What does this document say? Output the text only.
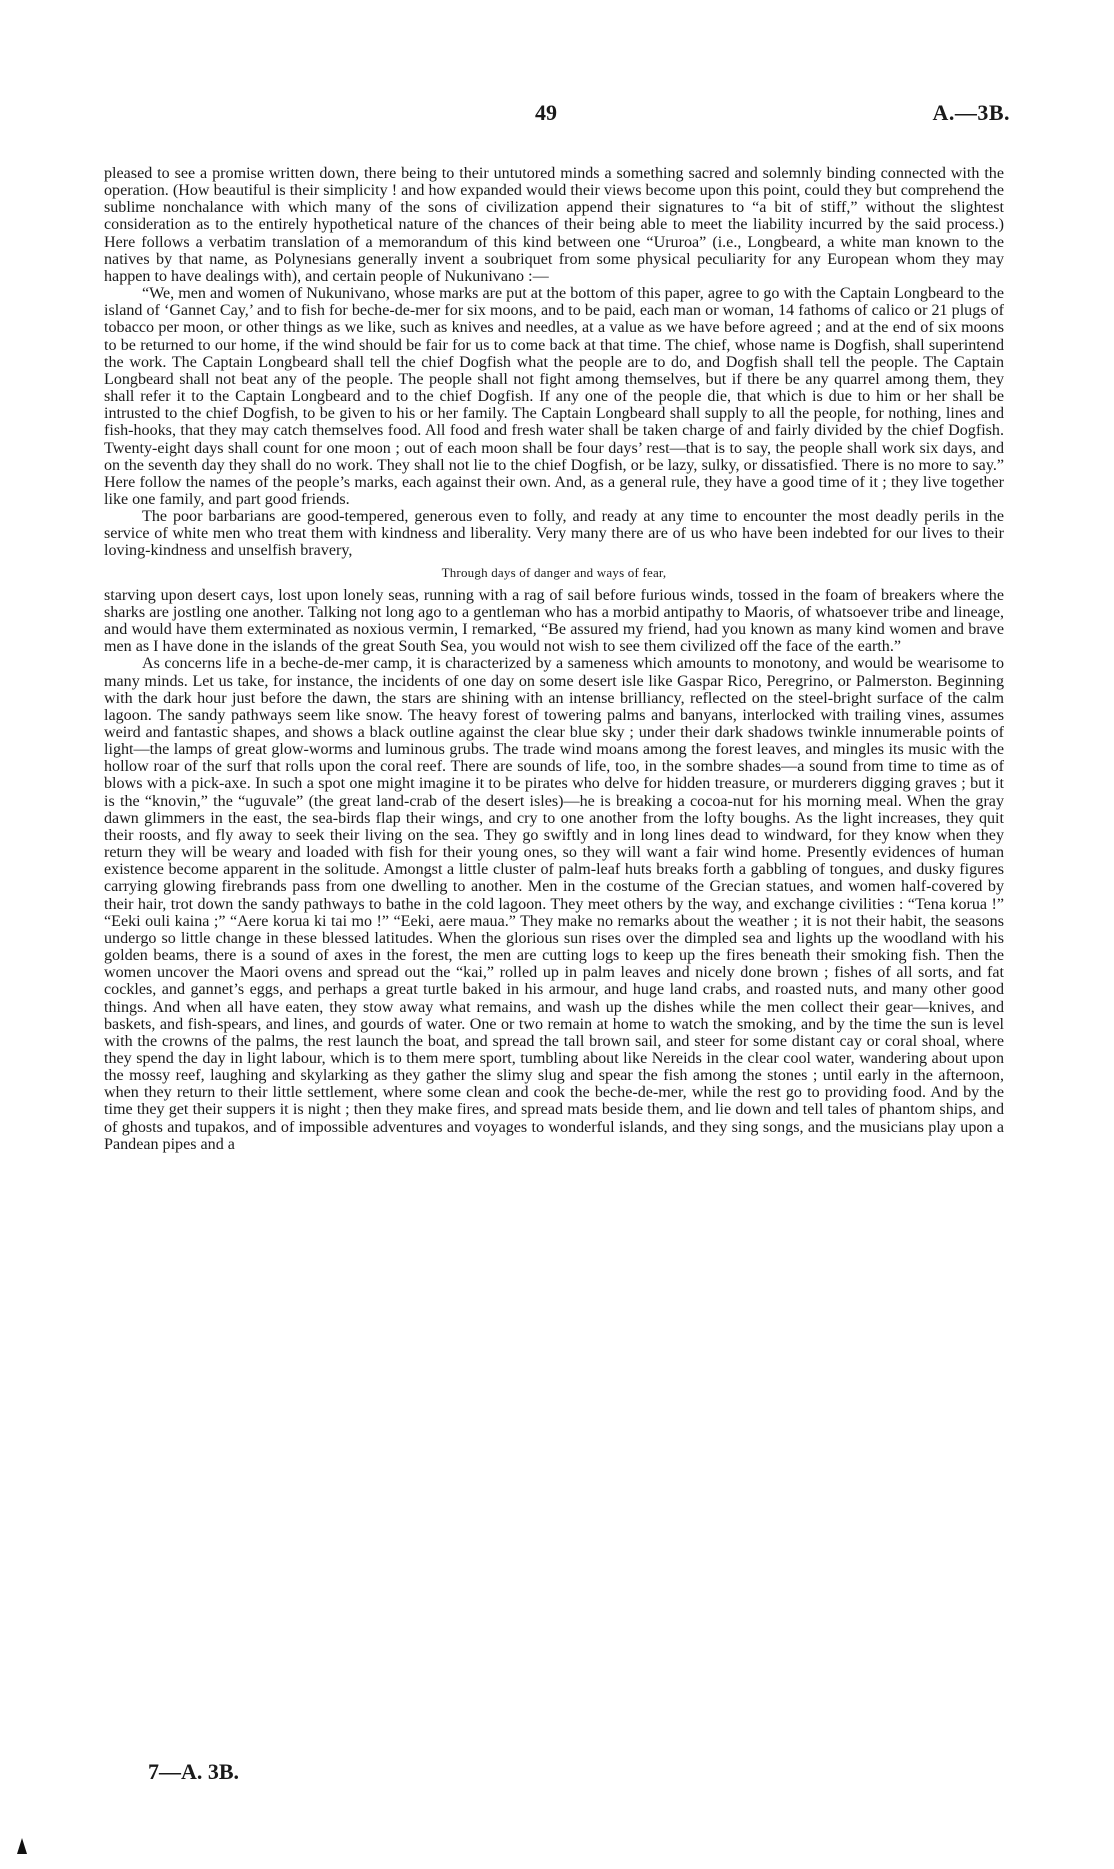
49	A.—3B.

pleased to see a promise written down, there being to their untutored minds a something sacred and solemnly binding connected with the operation. (How beautiful is their simplicity ! and how expanded would their views become upon this point, could they but comprehend the sublime nonchalance with which many of the sons of civilization append their signatures to “a bit of stiff,” without the slightest consideration as to the entirely hypothetical nature of the chances of their being able to meet the liability incurred by the said process.) Here follows a verbatim translation of a memorandum of this kind between one “Ururoa” (i.e., Longbeard, a white man known to the natives by that name, as Polynesians generally invent a soubriquet from some physical peculiarity for any European whom they may happen to have dealings with), and certain people of Nukunivano :—

“We, men and women of Nukunivano, whose marks are put at the bottom of this paper, agree to go with the Captain Longbeard to the island of ‘Gannet Cay,’ and to fish for beche-de-mer for six moons, and to be paid, each man or woman, 14 fathoms of calico or 21 plugs of tobacco per moon, or other things as we like, such as knives and needles, at a value as we have before agreed ; and at the end of six moons to be returned to our home, if the wind should be fair for us to come back at that time. The chief, whose name is Dogfish, shall superintend the work. The Captain Longbeard shall tell the chief Dogfish what the people are to do, and Dogfish shall tell the people. The Captain Longbeard shall not beat any of the people. The people shall not fight among themselves, but if there be any quarrel among them, they shall refer it to the Captain Longbeard and to the chief Dogfish. If any one of the people die, that which is due to him or her shall be intrusted to the chief Dogfish, to be given to his or her family. The Captain Longbeard shall supply to all the people, for nothing, lines and fish-hooks, that they may catch themselves food. All food and fresh water shall be taken charge of and fairly divided by the chief Dogfish. Twenty-eight days shall count for one moon ; out of each moon shall be four days’ rest—that is to say, the people shall work six days, and on the seventh day they shall do no work. They shall not lie to the chief Dogfish, or be lazy, sulky, or dissatisfied. There is no more to say.” Here follow the names of the people’s marks, each against their own. And, as a general rule, they have a good time of it ; they live together like one family, and part good friends.

The poor barbarians are good-tempered, generous even to folly, and ready at any time to encounter the most deadly perils in the service of white men who treat them with kindness and liberality. Very many there are of us who have been indebted for our lives to their loving-kindness and unselfish bravery,

Through days of danger and ways of fear,

starving upon desert cays, lost upon lonely seas, running with a rag of sail before furious winds, tossed in the foam of breakers where the sharks are jostling one another. Talking not long ago to a gentleman who has a morbid antipathy to Maoris, of whatsoever tribe and lineage, and would have them exterminated as noxious vermin, I remarked, “Be assured my friend, had you known as many kind women and brave men as I have done in the islands of the great South Sea, you would not wish to see them civilized off the face of the earth.”

As concerns life in a beche-de-mer camp, it is characterized by a sameness which amounts to monotony, and would be wearisome to many minds. Let us take, for instance, the incidents of one day on some desert isle like Gaspar Rico, Peregrino, or Palmerston. Beginning with the dark hour just before the dawn, the stars are shining with an intense brilliancy, reflected on the steel-bright surface of the calm lagoon. The sandy pathways seem like snow. The heavy forest of towering palms and banyans, interlocked with trailing vines, assumes weird and fantastic shapes, and shows a black outline against the clear blue sky ; under their dark shadows twinkle innumerable points of light—the lamps of great glow-worms and luminous grubs. The trade wind moans among the forest leaves, and mingles its music with the hollow roar of the surf that rolls upon the coral reef. There are sounds of life, too, in the sombre shades—a sound from time to time as of blows with a pick-axe. In such a spot one might imagine it to be pirates who delve for hidden treasure, or murderers digging graves ; but it is the “knovin,” the “uguvale” (the great land-crab of the desert isles)—he is breaking a cocoa-nut for his morning meal. When the gray dawn glimmers in the east, the sea-birds flap their wings, and cry to one another from the lofty boughs. As the light increases, they quit their roosts, and fly away to seek their living on the sea. They go swiftly and in long lines dead to windward, for they know when they return they will be weary and loaded with fish for their young ones, so they will want a fair wind home. Presently evidences of human existence become apparent in the solitude. Amongst a little cluster of palm-leaf huts breaks forth a gabbling of tongues, and dusky figures carrying glowing firebrands pass from one dwelling to another. Men in the costume of the Grecian statues, and women half-covered by their hair, trot down the sandy pathways to bathe in the cold lagoon. They meet others by the way, and exchange civilities : “Tena korua !” “Eeki ouli kaina ;” “Aere korua ki tai mo !” “Eeki, aere maua.” They make no remarks about the weather ; it is not their habit, the seasons undergo so little change in these blessed latitudes. When the glorious sun rises over the dimpled sea and lights up the woodland with his golden beams, there is a sound of axes in the forest, the men are cutting logs to keep up the fires beneath their smoking fish. Then the women uncover the Maori ovens and spread out the “kai,” rolled up in palm leaves and nicely done brown ; fishes of all sorts, and fat cockles, and gannet’s eggs, and perhaps a great turtle baked in his armour, and huge land crabs, and roasted nuts, and many other good things. And when all have eaten, they stow away what remains, and wash up the dishes while the men collect their gear—knives, and baskets, and fish-spears, and lines, and gourds of water. One or two remain at home to watch the smoking, and by the time the sun is level with the crowns of the palms, the rest launch the boat, and spread the tall brown sail, and steer for some distant cay or coral shoal, where they spend the day in light labour, which is to them mere sport, tumbling about like Nereids in the clear cool water, wandering about upon the mossy reef, laughing and skylarking as they gather the slimy slug and spear the fish among the stones ; until early in the afternoon, when they return to their little settlement, where some clean and cook the beche-de-mer, while the rest go to providing food. And by the time they get their suppers it is night ; then they make fires, and spread mats beside them, and lie down and tell tales of phantom ships, and of ghosts and tupakos, and of impossible adventures and voyages to wonderful islands, and they sing songs, and the musicians play upon a Pandean pipes and a

7—A. 3B.
